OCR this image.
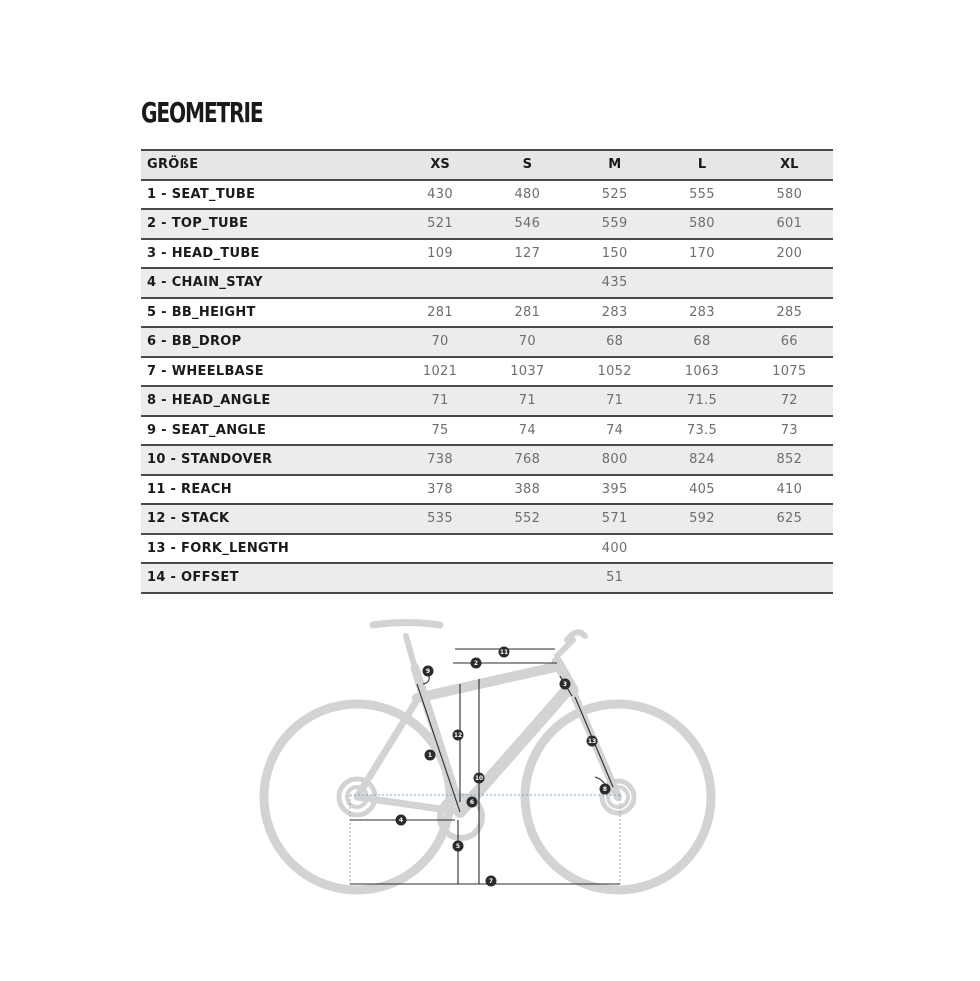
GEOMETRIE
GRÖßE	XS	S	M	L	XL
1 - SEAT_TUBE	430	480	525	555	580
2 - TOP_TUBE	521	546	559	580	601
3 - HEAD_TUBE	109	127	150	170	200
4 - CHAIN_STAY			435		
5 - BB_HEIGHT	281	281	283	283	285
6 - BB_DROP	70	70	68	68	66
7 - WHEELBASE	1021	1037	1052	1063	1075
8 - HEAD_ANGLE	71	71	71	71.5	72
9 - SEAT_ANGLE	75	74	74	73.5	73
10 - STANDOVER	738	768	800	824	852
11 - REACH	378	388	395	405	410
12 - STACK	535	552	571	592	625
13 - FORK_LENGTH			400		
14 - OFFSET			51		
1
2
3
4
5
6
7
8
9
10
11
12
13
